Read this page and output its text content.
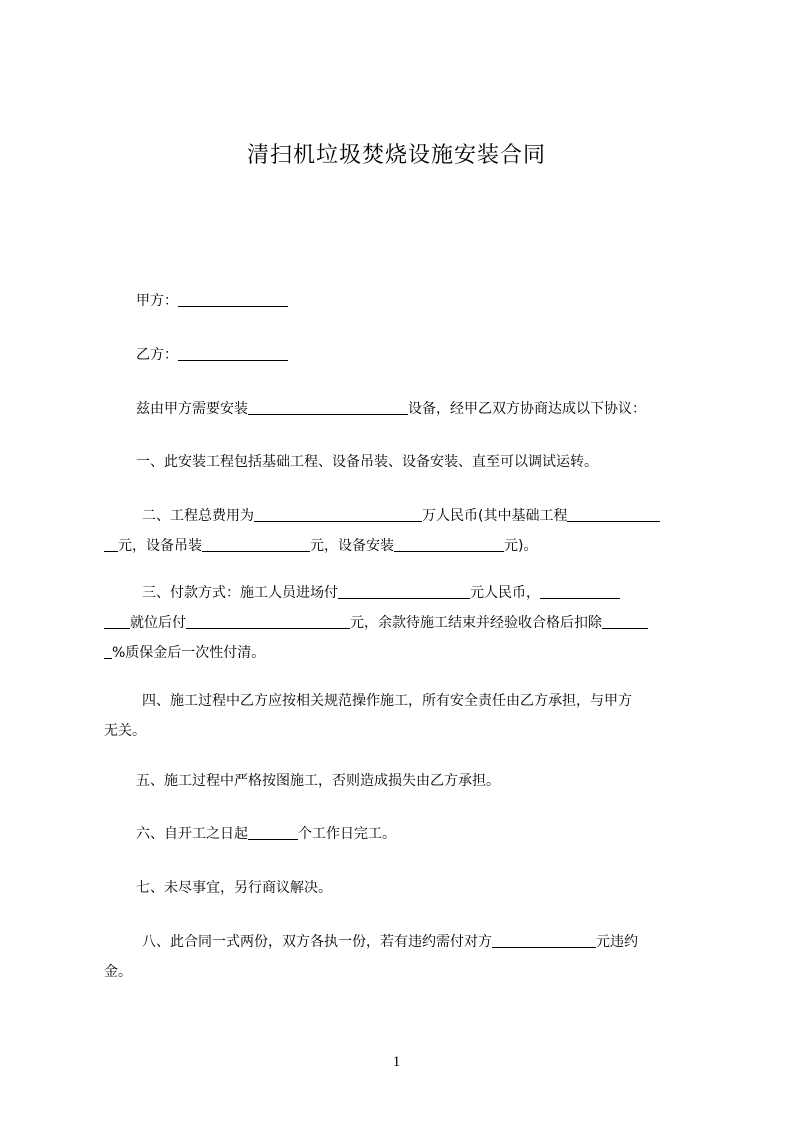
清扫机垃圾焚烧设施安装合同

甲方：

乙方：

兹由甲方需要安装	设备，经甲乙双方协商达成以下协议：

一、此安装工程包括基础工程、设备吊装、设备安装、直至可以调试运转。

二、工程总费用为	万人民币(其中基础工程
元，设备吊装	元，设备安装	元)。
三、付款方式：施工人员进场付	元人民币，
就位后付	元，余款待施工结束并经验收合格后扣除
%质保金后一次性付清。
四、施工过程中乙方应按相关规范操作施工，所有安全责任由乙方承担，与甲方
无关。

五、施工过程中严格按图施工，否则造成损失由乙方承担。

六、自开工之日起	个工作日完工。

七、未尽事宜，另行商议解决。

八、此合同一式两份，双方各执一份，若有违约需付对方	元违约
金。
1
